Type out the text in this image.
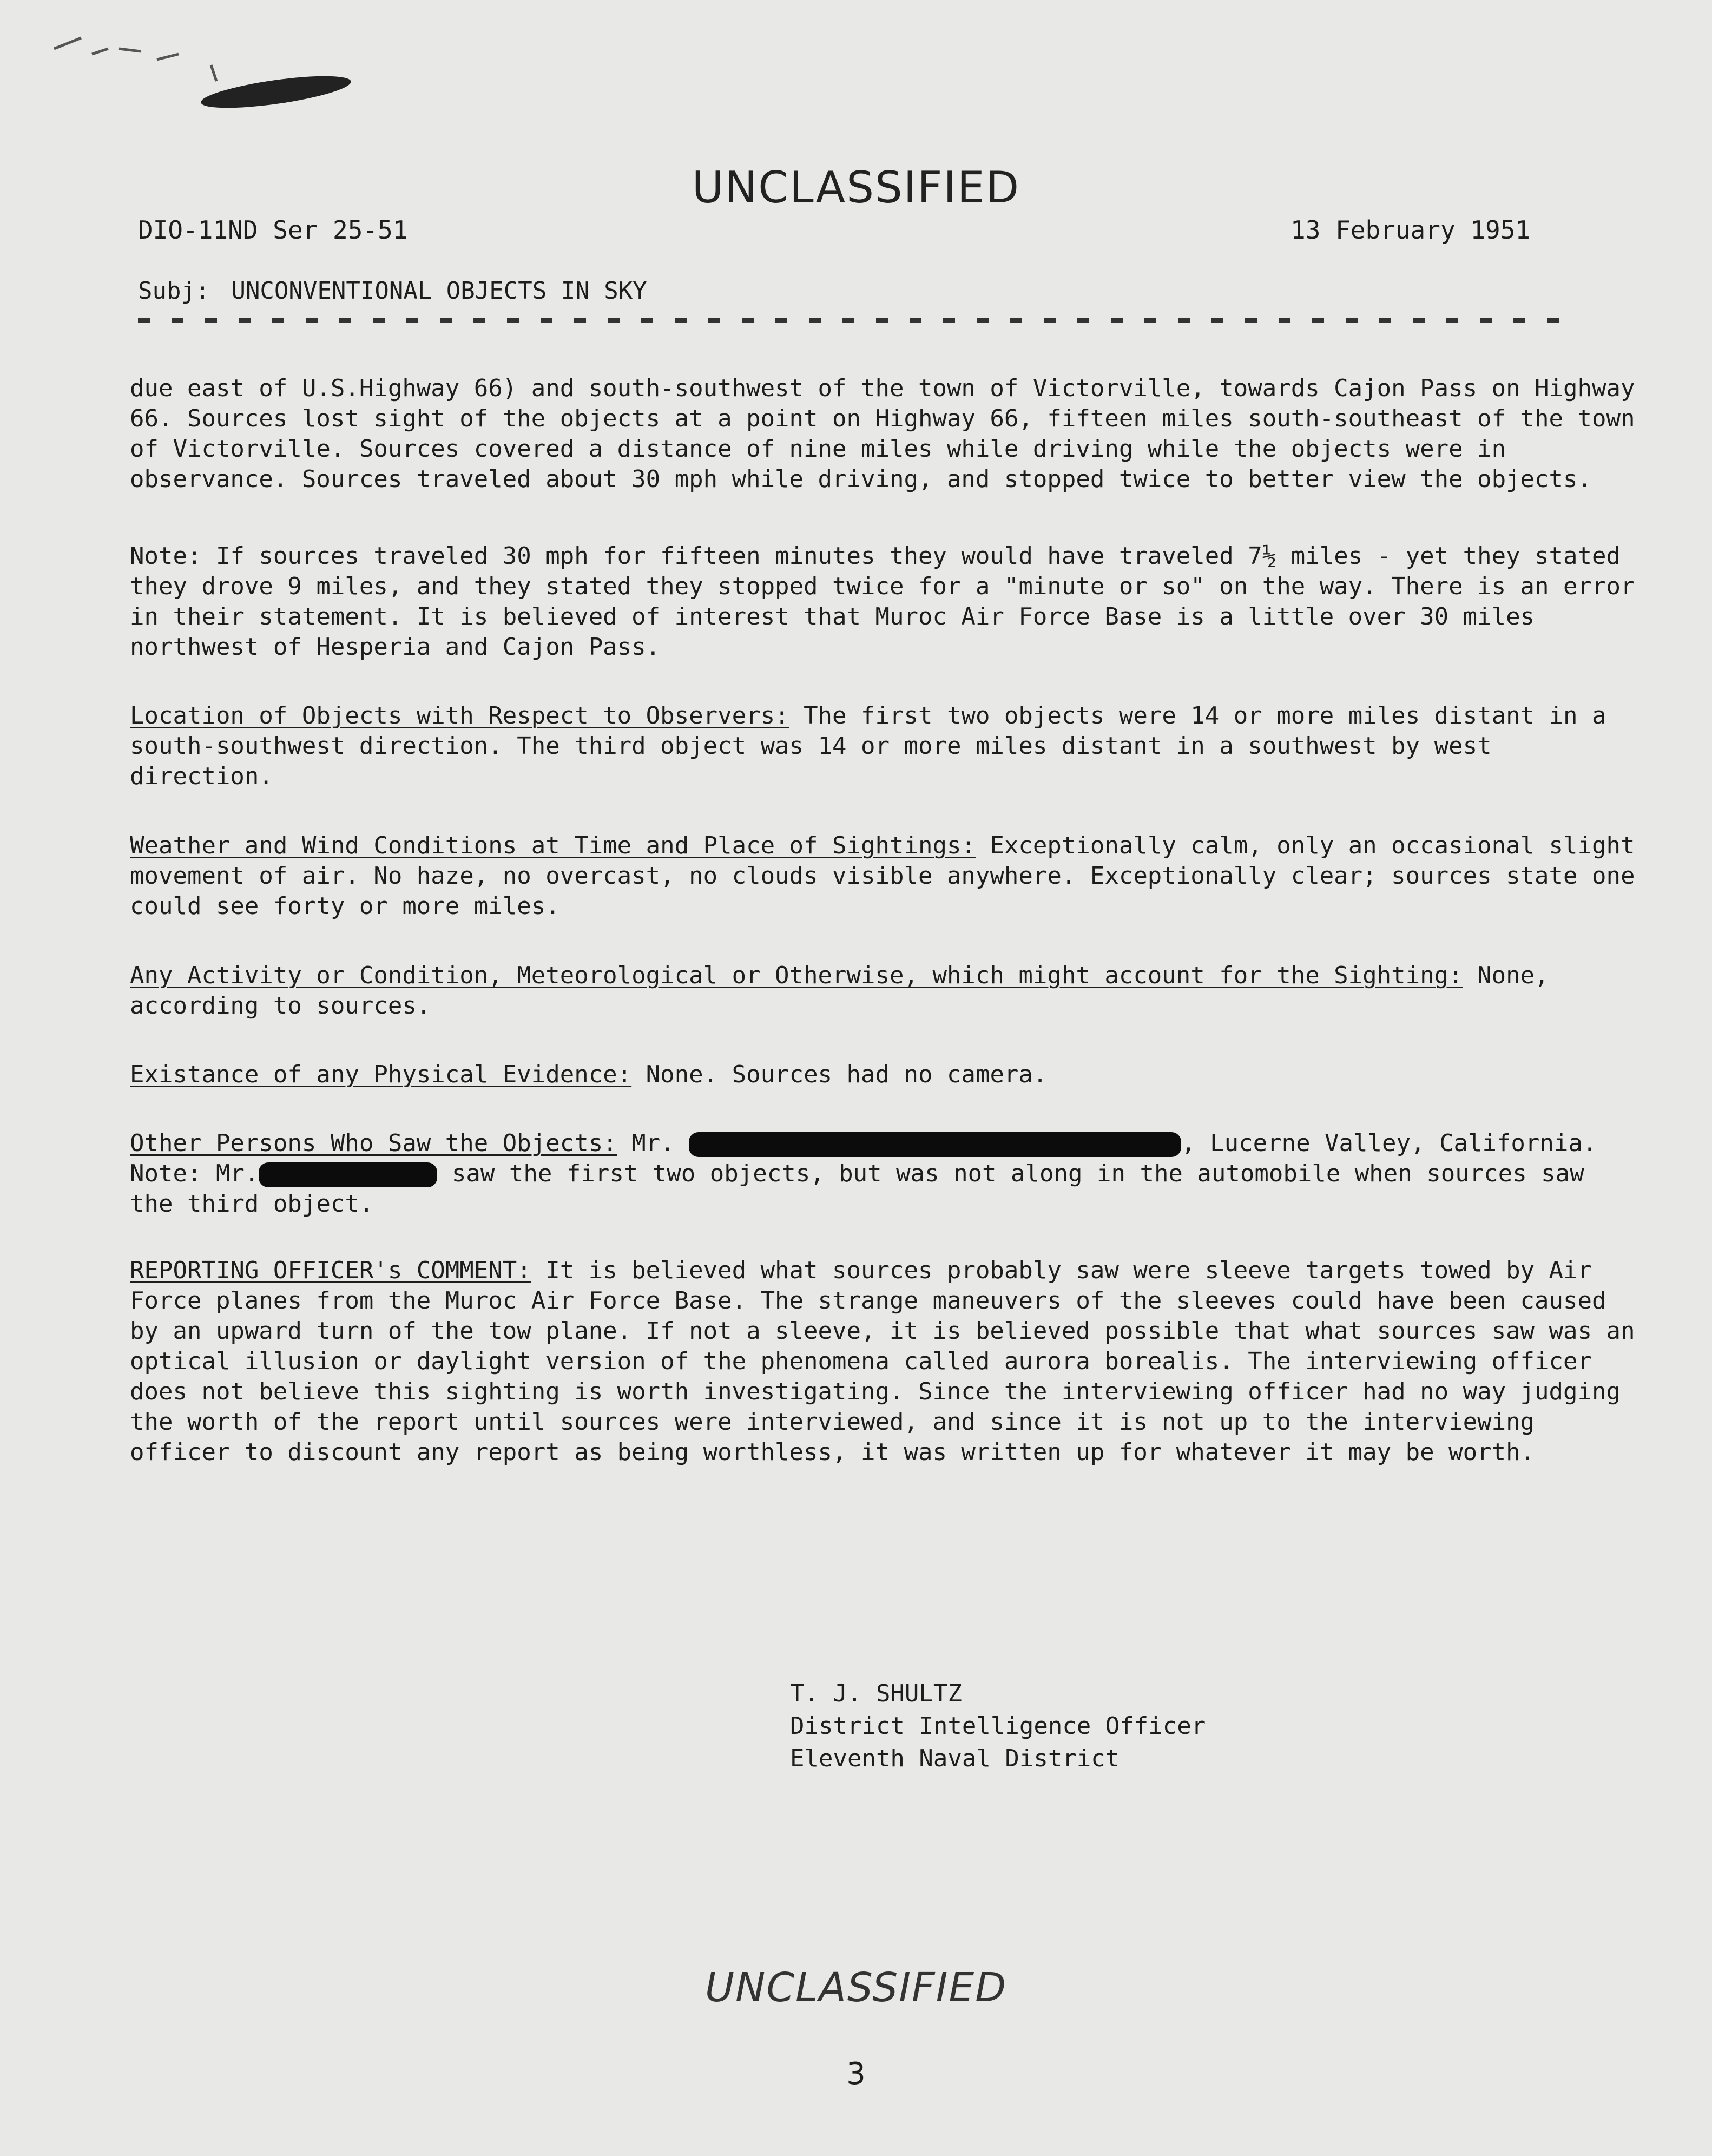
UNCLASSIFIED
DIO-11ND Ser 25-51	13 February 1951
Subj: UNCONVENTIONAL OBJECTS IN SKY

due east of U.S.Highway 66) and south-southwest of the town of Victorville, towards Cajon Pass on Highway 66. Sources lost sight of the objects at a point on Highway 66, fifteen miles south-southeast of the town of Victorville. Sources covered a distance of nine miles while driving while the objects were in observance. Sources traveled about 30 mph while driving, and stopped twice to better view the objects.

Note: If sources traveled 30 mph for fifteen minutes they would have traveled 7½ miles - yet they stated they drove 9 miles, and they stated they stopped twice for a "minute or so" on the way. There is an error in their statement. It is believed of interest that Muroc Air Force Base is a little over 30 miles northwest of Hesperia and Cajon Pass.

Location of Objects with Respect to Observers: The first two objects were 14 or more miles distant in a south-southwest direction. The third object was 14 or more miles distant in a southwest by west direction.

Weather and Wind Conditions at Time and Place of Sightings: Exceptionally calm, only an occasional slight movement of air. No haze, no overcast, no clouds visible anywhere. Exceptionally clear; sources state one could see forty or more miles.

Any Activity or Condition, Meteorological or Otherwise, which might account for the Sighting: None, according to sources.

Existance of any Physical Evidence: None. Sources had no camera.

Other Persons Who Saw the Objects: Mr.	, Lucerne Valley, California. Note: Mr.	saw the first two objects, but was not along in the automobile when sources saw the third object.

REPORTING OFFICER's COMMENT: It is believed what sources probably saw were sleeve targets towed by Air Force planes from the Muroc Air Force Base. The strange maneuvers of the sleeves could have been caused by an upward turn of the tow plane. If not a sleeve, it is believed possible that what sources saw was an optical illusion or daylight version of the phenomena called aurora borealis. The interviewing officer does not believe this sighting is worth investigating. Since the interviewing officer had no way judging the worth of the report until sources were interviewed, and since it is not up to the interviewing officer to discount any report as being worthless, it was written up for whatever it may be worth.

T. J. SHULTZ
District Intelligence Officer
Eleventh Naval District
UNCLASSIFIED
3
